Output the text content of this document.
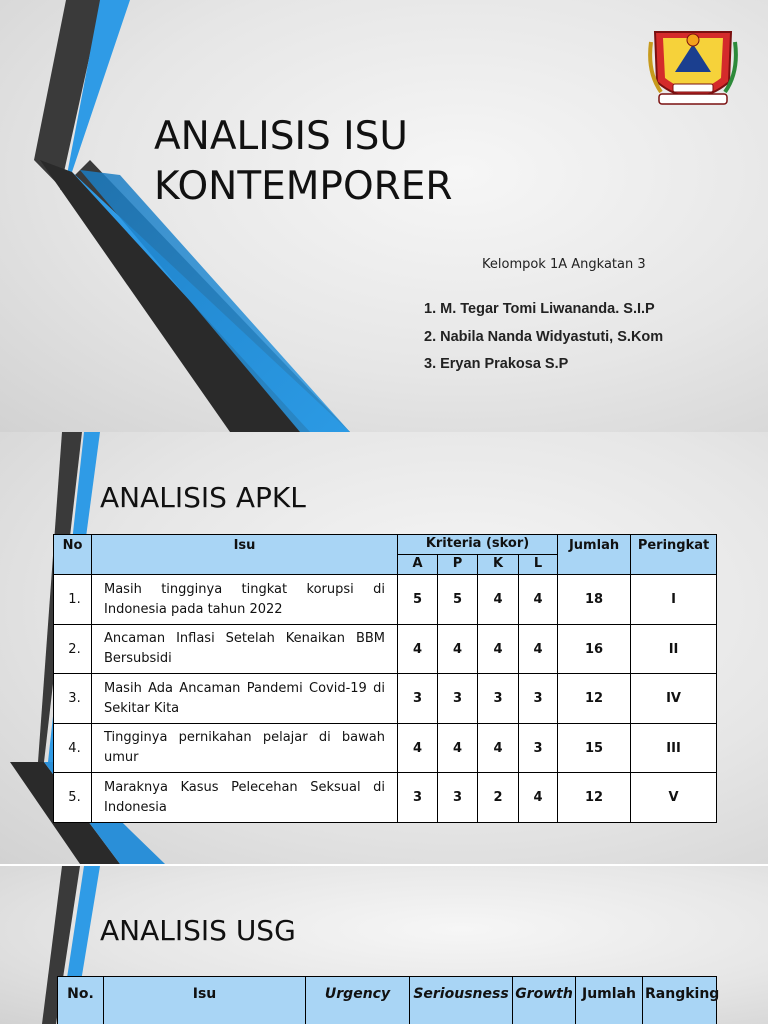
ANALISIS ISU
KONTEMPORER
Kelompok 1A Angkatan 3
1. M. Tegar Tomi Liwananda. S.I.P
2. Nabila Nanda Widyastuti, S.Kom
3. Eryan Prakosa S.P
ANALISIS APKL
No	Isu	Kriteria (skor)				Jumlah	Peringkat
		A	P	K	L		
1.	Masih tingginya tingkat korupsi di Indonesia pada tahun 2022	5	5	4	4	18	I
2.	Ancaman Inflasi Setelah Kenaikan BBM Bersubsidi	4	4	4	4	16	II
3.	Masih Ada Ancaman Pandemi Covid-19 di Sekitar Kita	3	3	3	3	12	IV
4.	Tingginya pernikahan pelajar di bawah umur	4	4	4	3	15	III
5.	Maraknya Kasus Pelecehan Seksual di Indonesia	3	3	2	4	12	V
ANALISIS USG
No.	Isu	Urgency	Seriousness	Growth	Jumlah	Rangking
